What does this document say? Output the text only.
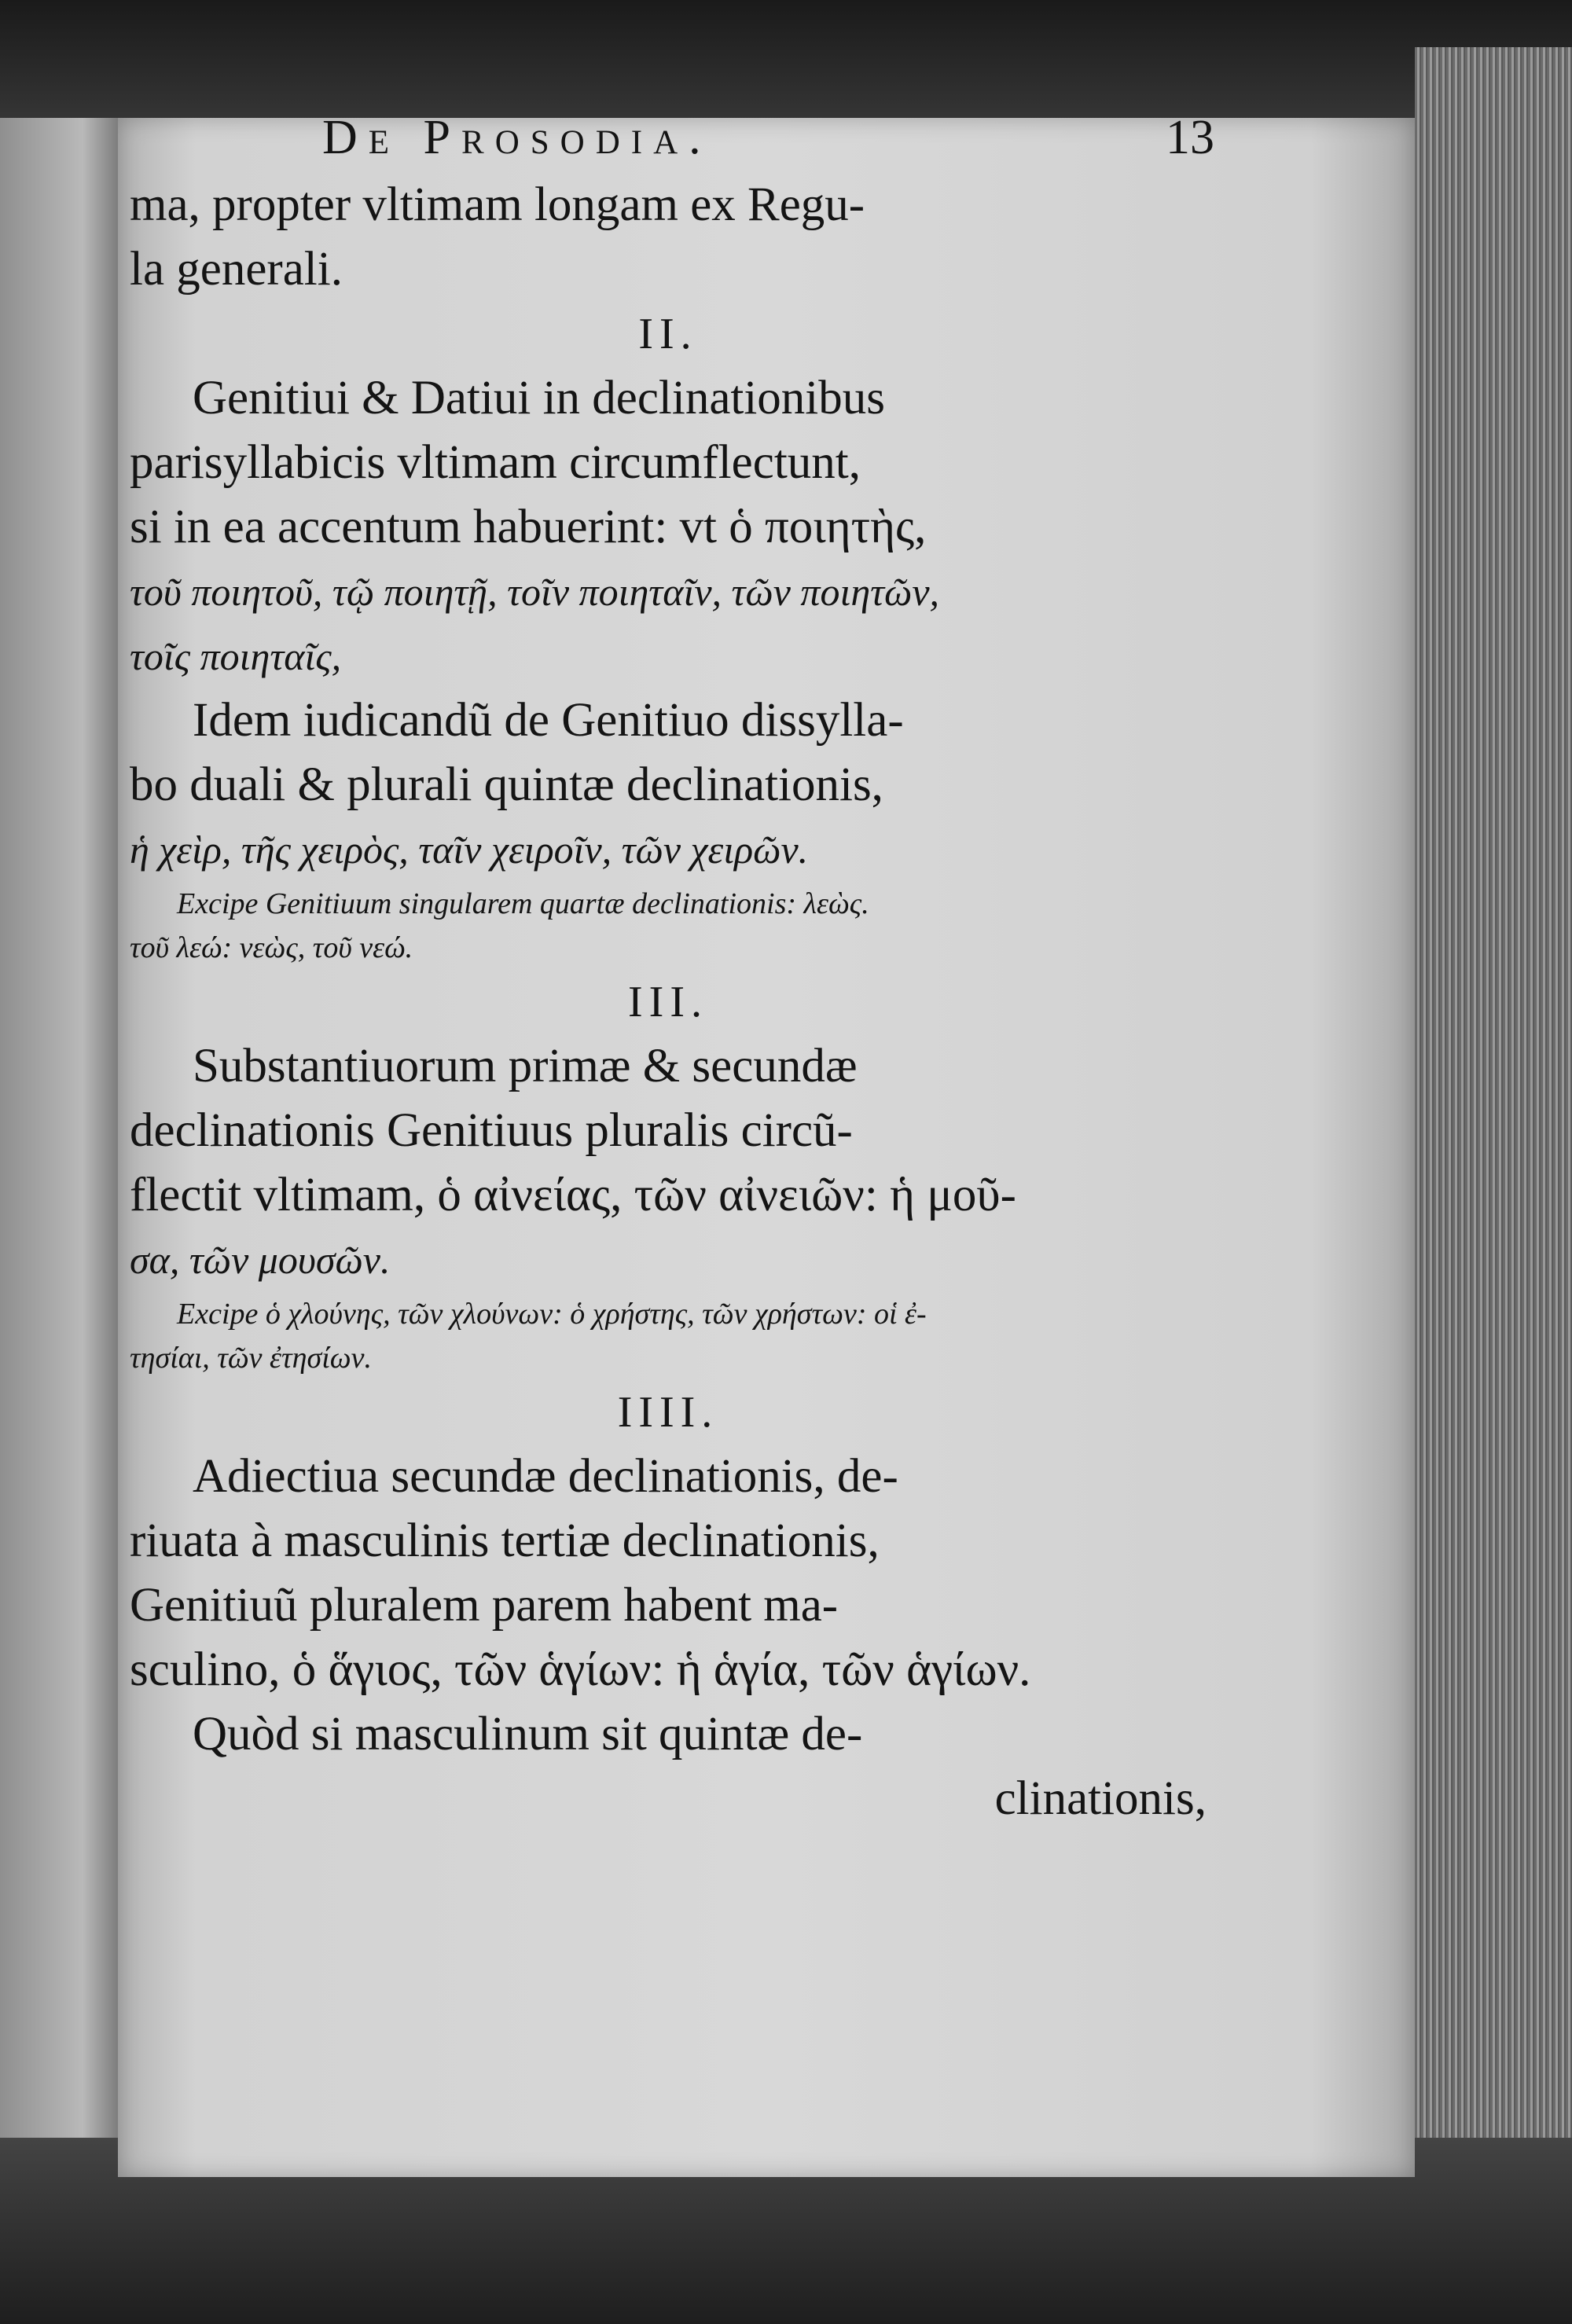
De Prosodia.	13
ma, propter vltimam longam ex Regu-
la generali.
II.
Genitiui & Datiui in declinationibus
parisyllabicis vltimam circumflectunt,
si in ea accentum habuerint: vt ὁ ποιητὴς,
τοῦ ποιητοῦ, τῷ ποιητῇ, τοῖν ποιηταῖν, τῶν ποιητῶν,
τοῖς ποιηταῖς,
Idem iudicandũ de Genitiuo dissylla-
bo duali & plurali quintæ declinationis,
ἡ χεὶρ, τῆς χειρὸς, ταῖν χειροῖν, τῶν χειρῶν.
Excipe Genitiuum singularem quartæ declinationis: λεὼς.
τοῦ λεώ: νεὼς, τοῦ νεώ.
III.
Substantiuorum primæ & secundæ
declinationis Genitiuus pluralis circũ-
flectit vltimam, ὁ αἰνείας, τῶν αἰνειῶν: ἡ μοῦ-
σα, τῶν μουσῶν.
Excipe ὁ χλούνης, τῶν χλούνων: ὁ χρήστης, τῶν χρήστων: οἱ ἐ-
τησίαι, τῶν ἐτησίων.
IIII.
Adiectiua secundæ declinationis, de-
riuata à masculinis tertiæ declinationis,
Genitiuũ pluralem parem habent ma-
sculino, ὁ ἅγιος, τῶν ἁγίων: ἡ ἁγία, τῶν ἁγίων.
Quòd si masculinum sit quintæ de-
clinationis,
